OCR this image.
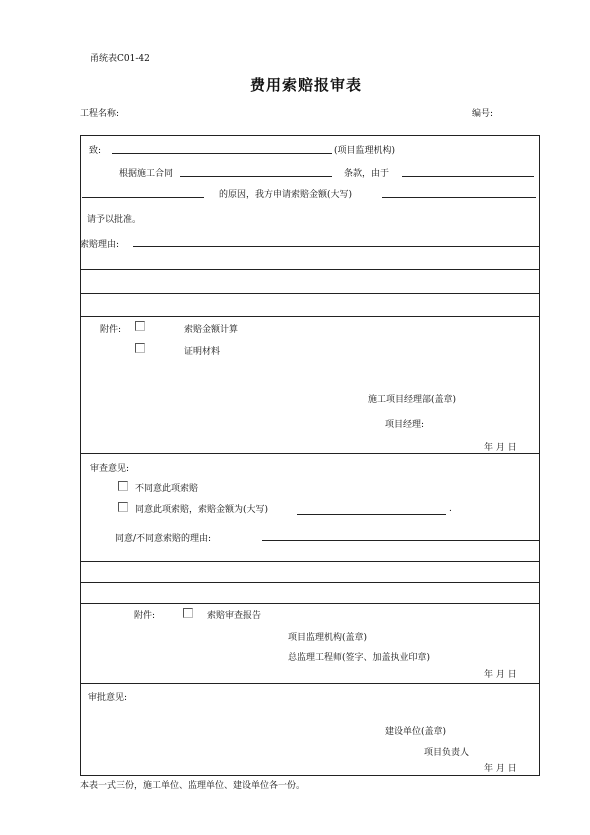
甬统表C01-42
费用索赔报审表
工程名称:	编号:
致:	(项目监理机构)
根据施工合同	条款，由于
的原因，我方申请索赔金额(大写)
请予以批准。
索赔理由:
附件:	索赔金额计算
证明材料
施工项目经理部(盖章)
项目经理:
年 月 日
审查意见:
不同意此项索赔
同意此项索赔，索赔金额为(大写)	.
同意/不同意索赔的理由:
附件:	索赔审查报告
项目监理机构(盖章)
总监理工程师(签字、加盖执业印章)
年 月 日
审批意见:
建设单位(盖章)
项目负责人
年 月 日
本表一式三份，施工单位、监理单位、建设单位各一份。
